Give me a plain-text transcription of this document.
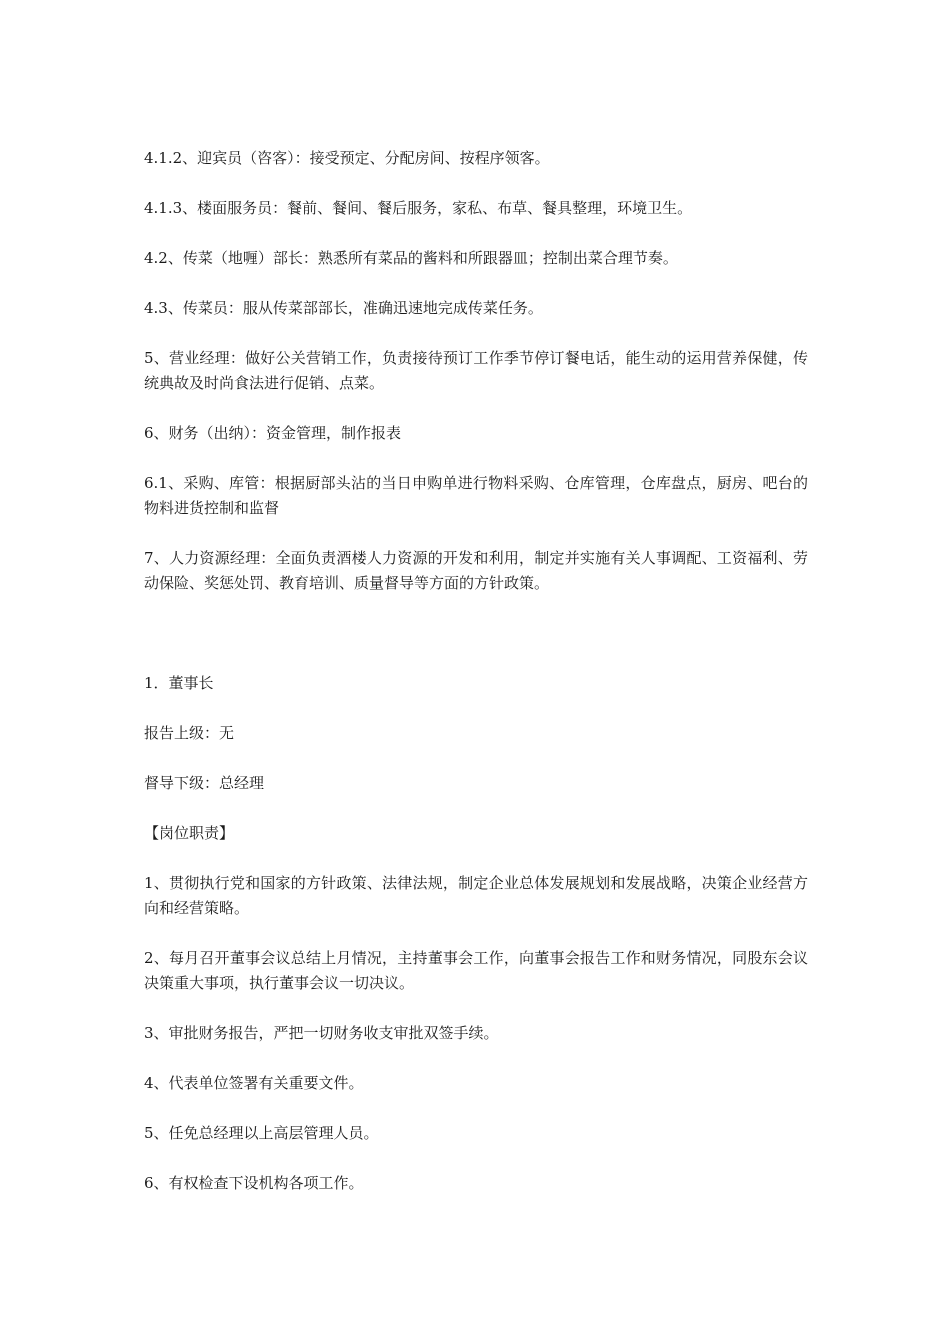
4.1.2、迎宾员（咨客）：接受预定、分配房间、按程序领客。

4.1.3、楼面服务员：餐前、餐间、餐后服务，家私、布草、餐具整理，环境卫生。

4.2、传菜（地喱）部长：熟悉所有菜品的酱料和所跟器皿；控制出菜合理节奏。

4.3、传菜员：服从传菜部部长，准确迅速地完成传菜任务。

5、营业经理：做好公关营销工作，负责接待预订工作季节停订餐电话，能生动的运用营养保健，传统典故及时尚食法进行促销、点菜。

6、财务（出纳）：资金管理，制作报表

6.1、采购、库管：根据厨部头沾的当日申购单进行物料采购、仓库管理，仓库盘点，厨房、吧台的物料进货控制和监督

7、人力资源经理：全面负责酒楼人力资源的开发和利用，制定并实施有关人事调配、工资福利、劳动保险、奖惩处罚、教育培训、质量督导等方面的方针政策。

1．董事长

报告上级：无

督导下级：总经理

【岗位职责】

1、贯彻执行党和国家的方针政策、法律法规，制定企业总体发展规划和发展战略，决策企业经营方向和经营策略。

2、每月召开董事会议总结上月情况，主持董事会工作，向董事会报告工作和财务情况，同股东会议决策重大事项，执行董事会议一切决议。

3、审批财务报告，严把一切财务收支审批双签手续。

4、代表单位签署有关重要文件。

5、任免总经理以上高层管理人员。

6、有权检查下设机构各项工作。
